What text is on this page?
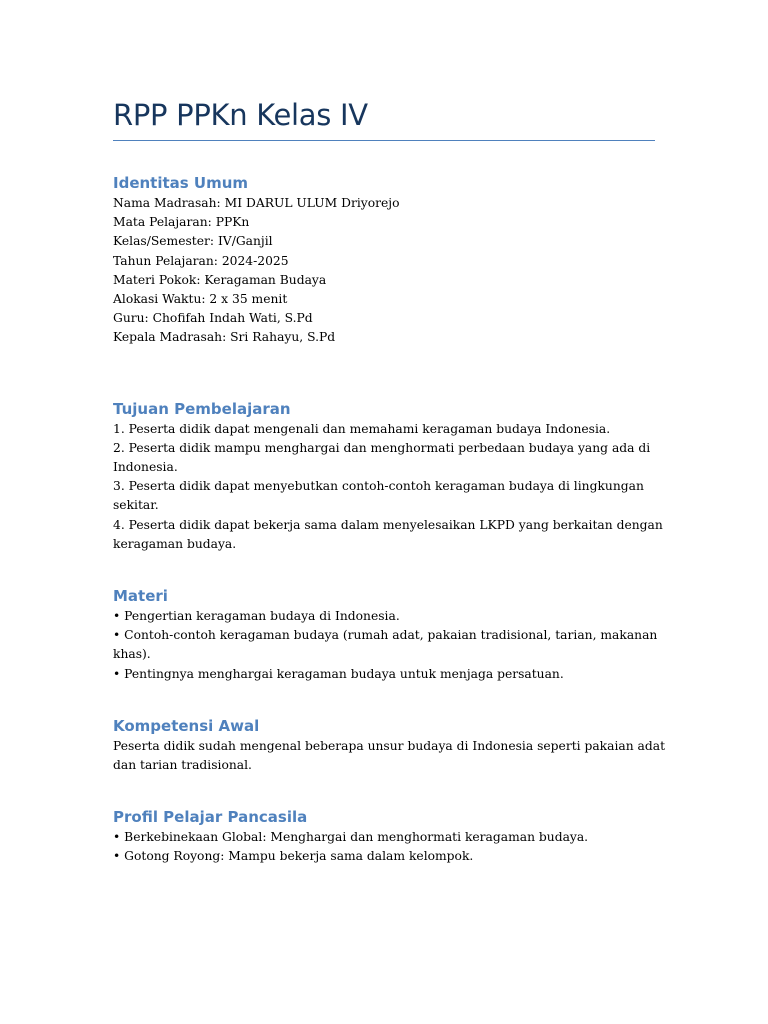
RPP PPKn Kelas IV
Identitas Umum

Nama Madrasah: MI DARUL ULUM Driyorejo

Mata Pelajaran: PPKn

Kelas/Semester: IV/Ganjil

Tahun Pelajaran: 2024-2025

Materi Pokok: Keragaman Budaya

Alokasi Waktu: 2 x 35 menit

Guru: Chofifah Indah Wati, S.Pd

Kepala Madrasah: Sri Rahayu, S.Pd

Tujuan Pembelajaran

1. Peserta didik dapat mengenali dan memahami keragaman budaya Indonesia.

2. Peserta didik mampu menghargai dan menghormati perbedaan budaya yang ada di

Indonesia.

3. Peserta didik dapat menyebutkan contoh-contoh keragaman budaya di lingkungan

sekitar.

4. Peserta didik dapat bekerja sama dalam menyelesaikan LKPD yang berkaitan dengan

keragaman budaya.

Materi

• Pengertian keragaman budaya di Indonesia.

• Contoh-contoh keragaman budaya (rumah adat, pakaian tradisional, tarian, makanan

khas).

• Pentingnya menghargai keragaman budaya untuk menjaga persatuan.

Kompetensi Awal

Peserta didik sudah mengenal beberapa unsur budaya di Indonesia seperti pakaian adat

dan tarian tradisional.

Profil Pelajar Pancasila

• Berkebinekaan Global: Menghargai dan menghormati keragaman budaya.

• Gotong Royong: Mampu bekerja sama dalam kelompok.
